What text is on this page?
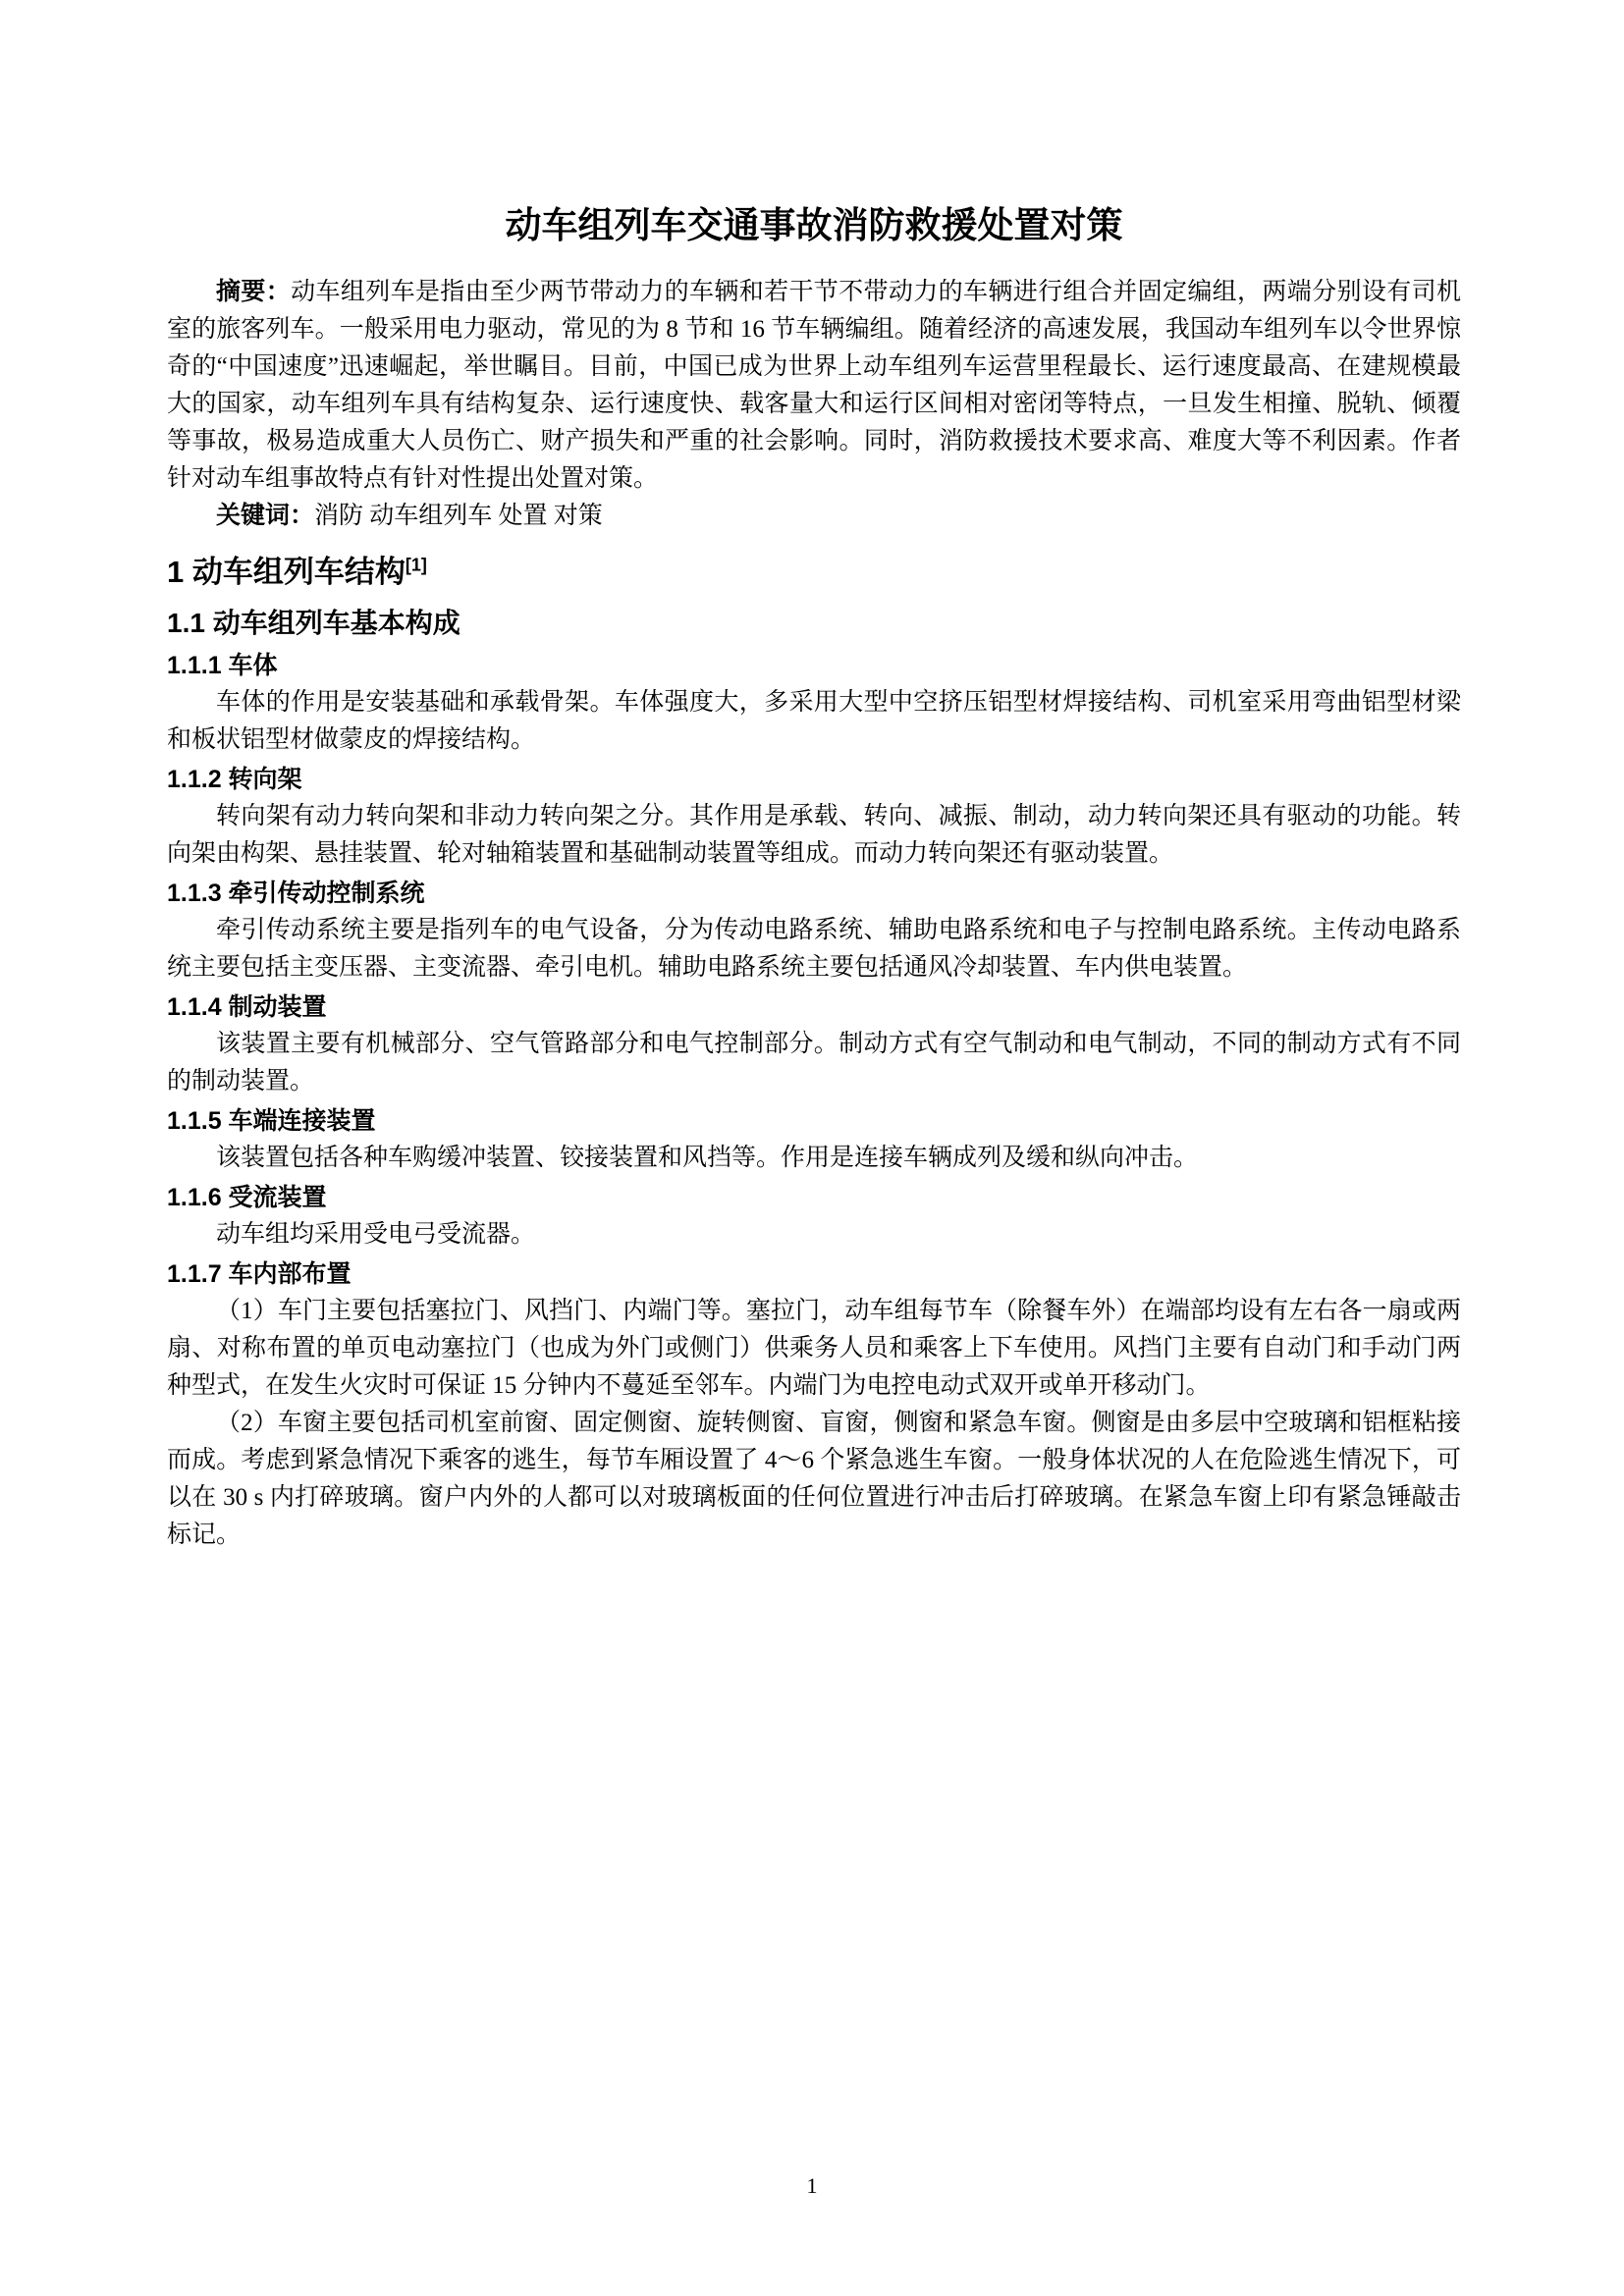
动车组列车交通事故消防救援处置对策

摘要：动车组列车是指由至少两节带动力的车辆和若干节不带动力的车辆进行组合并固定编组，两端分别设有司机室的旅客列车。一般采用电力驱动，常见的为 8 节和 16 节车辆编组。随着经济的高速发展，我国动车组列车以令世界惊奇的“中国速度”迅速崛起，举世瞩目。目前，中国已成为世界上动车组列车运营里程最长、运行速度最高、在建规模最大的国家，动车组列车具有结构复杂、运行速度快、载客量大和运行区间相对密闭等特点，一旦发生相撞、脱轨、倾覆等事故，极易造成重大人员伤亡、财产损失和严重的社会影响。同时，消防救援技术要求高、难度大等不利因素。作者针对动车组事故特点有针对性提出处置对策。

关键词：消防 动车组列车 处置 对策

1 动车组列车结构[1]
1.1 动车组列车基本构成
1.1.1 车体

车体的作用是安装基础和承载骨架。车体强度大，多采用大型中空挤压铝型材焊接结构、司机室采用弯曲铝型材梁和板状铝型材做蒙皮的焊接结构。

1.1.2 转向架

转向架有动力转向架和非动力转向架之分。其作用是承载、转向、减振、制动，动力转向架还具有驱动的功能。转向架由构架、悬挂装置、轮对轴箱装置和基础制动装置等组成。而动力转向架还有驱动装置。

1.1.3 牵引传动控制系统

牵引传动系统主要是指列车的电气设备，分为传动电路系统、辅助电路系统和电子与控制电路系统。主传动电路系统主要包括主变压器、主变流器、牵引电机。辅助电路系统主要包括通风冷却装置、车内供电装置。

1.1.4 制动装置

该装置主要有机械部分、空气管路部分和电气控制部分。制动方式有空气制动和电气制动，不同的制动方式有不同的制动装置。

1.1.5 车端连接装置

该装置包括各种车购缓冲装置、铰接装置和风挡等。作用是连接车辆成列及缓和纵向冲击。

1.1.6 受流装置

动车组均采用受电弓受流器。

1.1.7 车内部布置

（1）车门主要包括塞拉门、风挡门、内端门等。塞拉门，动车组每节车（除餐车外）在端部均设有左右各一扇或两扇、对称布置的单页电动塞拉门（也成为外门或侧门）供乘务人员和乘客上下车使用。风挡门主要有自动门和手动门两种型式，在发生火灾时可保证 15 分钟内不蔓延至邻车。内端门为电控电动式双开或单开移动门。

（2）车窗主要包括司机室前窗、固定侧窗、旋转侧窗、盲窗，侧窗和紧急车窗。侧窗是由多层中空玻璃和铝框粘接而成。考虑到紧急情况下乘客的逃生，每节车厢设置了 4～6 个紧急逃生车窗。一般身体状况的人在危险逃生情况下，可以在 30 s 内打碎玻璃。窗户内外的人都可以对玻璃板面的任何位置进行冲击后打碎玻璃。在紧急车窗上印有紧急锤敲击标记。

1
